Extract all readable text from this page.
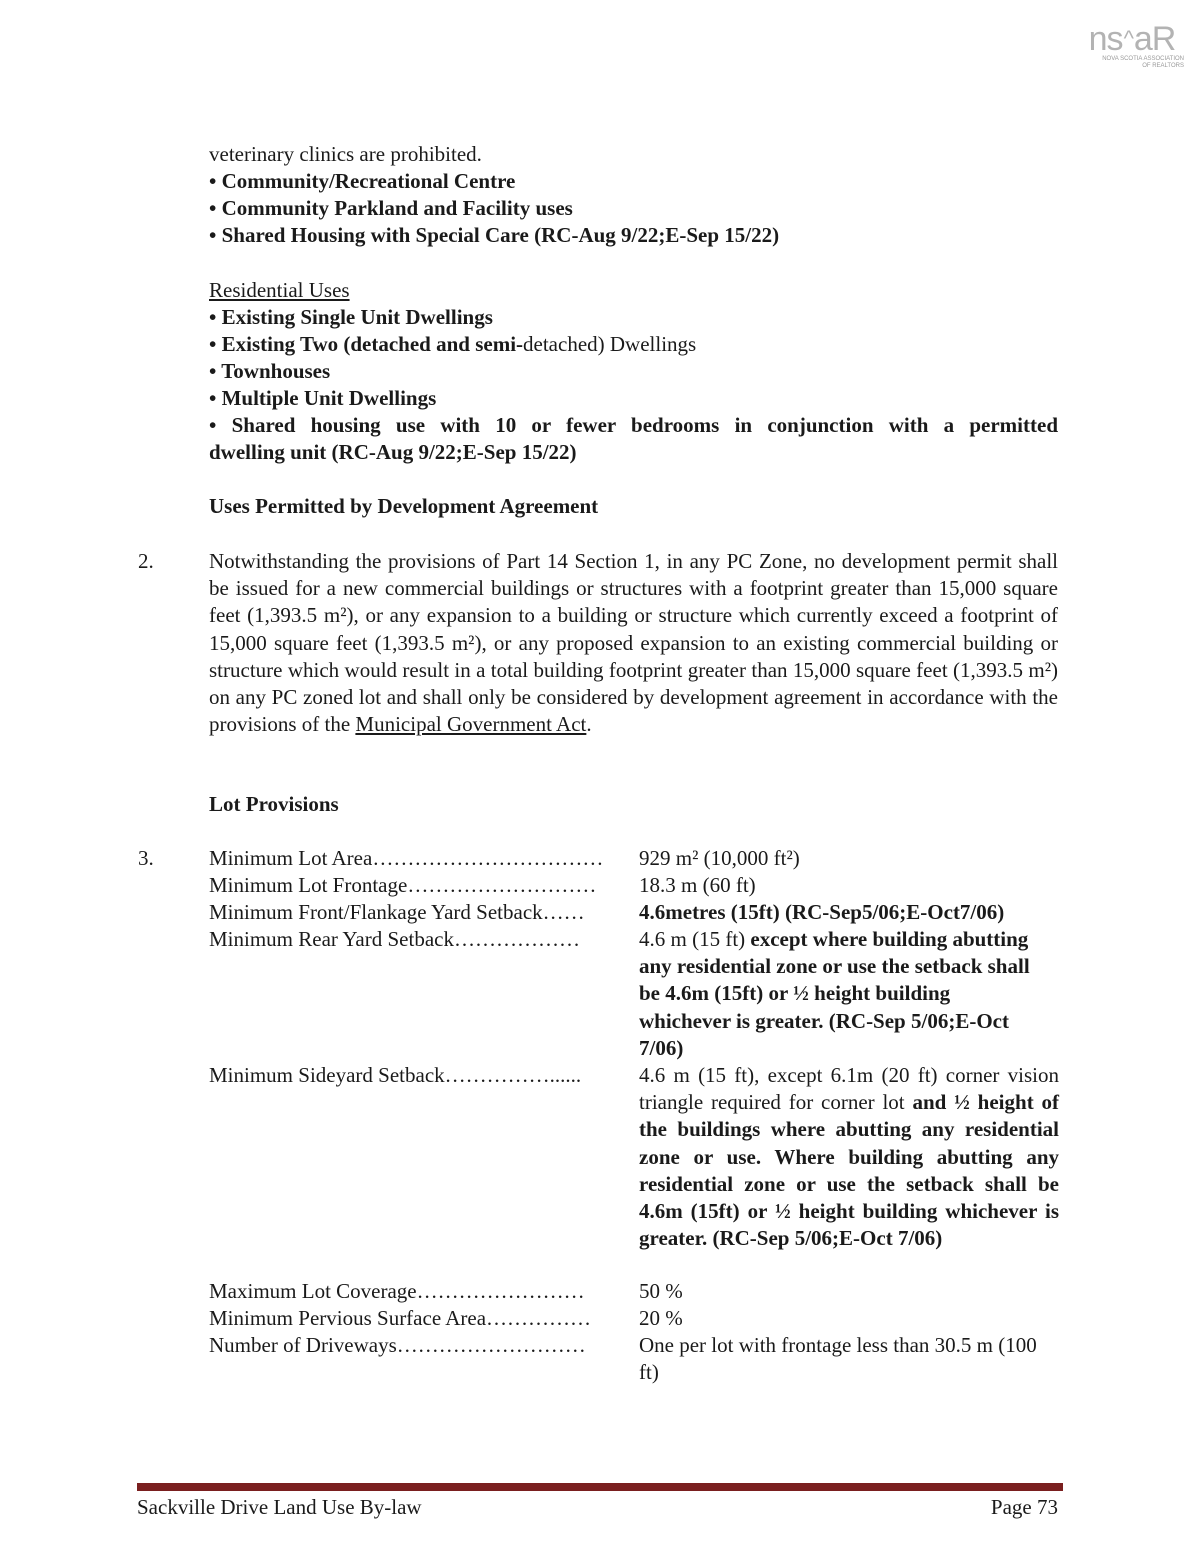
ns^aR
NOVA SCOTIA ASSOCIATION
OF REALTORS
veterinary clinics are prohibited.
• Community/Recreational Centre
• Community Parkland and Facility uses
• Shared Housing with Special Care (RC-Aug 9/22;E-Sep 15/22)
Residential Uses
• Existing Single Unit Dwellings
• Existing Two (detached and semi-detached) Dwellings
• Townhouses
• Multiple Unit Dwellings
• Shared housing use with 10 or fewer bedrooms in conjunction with a permitted
dwelling unit (RC-Aug 9/22;E-Sep 15/22)
Uses Permitted by Development Agreement
2.	Notwithstanding the provisions of Part 14 Section 1, in any PC Zone, no development permit shall be issued for a new commercial buildings or structures with a footprint greater than 15,000 square feet (1,393.5 m²), or any expansion to a building or structure which currently exceed a footprint of 15,000 square feet (1,393.5 m²), or any proposed expansion to an existing commercial building or structure which would result in a total building footprint greater than 15,000 square feet (1,393.5 m²) on any PC zoned lot and shall only be considered by development agreement in accordance with the provisions of the Municipal Government Act.
Lot Provisions
3.	Minimum Lot Area……………………………	929 m² (10,000 ft²)
Minimum Lot Frontage………………………	18.3 m (60 ft)
Minimum Front/Flankage Yard Setback……	4.6metres (15ft) (RC-Sep5/06;E-Oct7/06)
Minimum Rear Yard Setback………………	4.6 m (15 ft) except where building abutting any residential zone or use the setback shall be 4.6m (15ft) or ½ height building whichever is greater. (RC-Sep 5/06;E-Oct 7/06)
Minimum Sideyard Setback……………......	4.6 m (15 ft), except 6.1m (20 ft) corner vision triangle required for corner lot and ½ height of the buildings where abutting any residential zone or use. Where building abutting any residential zone or use the setback shall be 4.6m (15ft) or ½ height building whichever is greater. (RC-Sep 5/06;E-Oct 7/06)
Maximum Lot Coverage……………………	50 %
Minimum Pervious Surface Area……………	20 %
Number of Driveways………………………	One per lot with frontage less than 30.5 m (100 ft)
Sackville Drive Land Use By-law	Page 73
